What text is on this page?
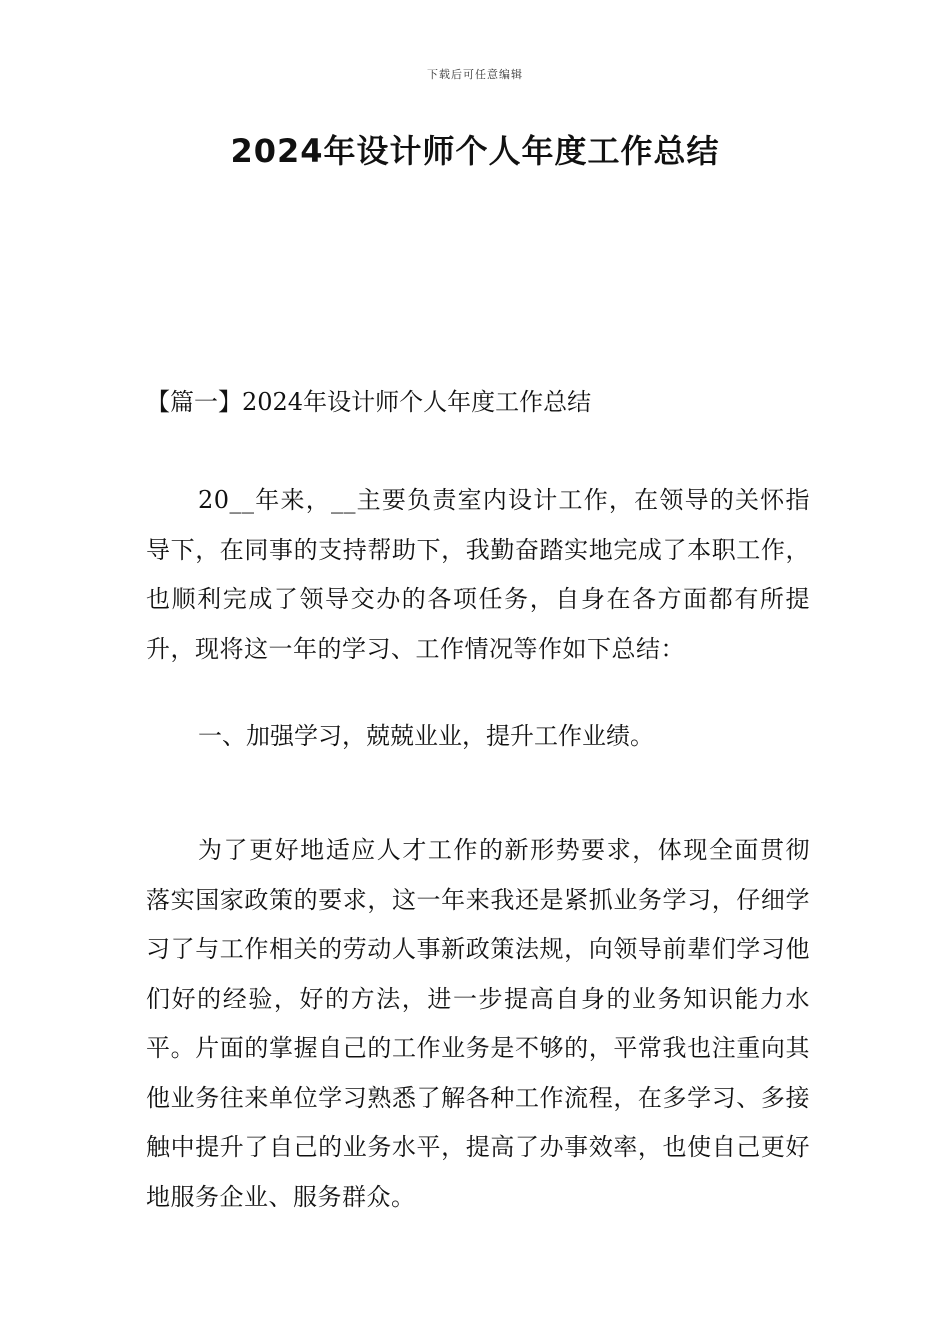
下载后可任意编辑
2024年设计师个人年度工作总结
【篇一】2024年设计师个人年度工作总结
20__年来，__主要负责室内设计工作，在领导的关怀指导下，在同事的支持帮助下，我勤奋踏实地完成了本职工作，也顺利完成了领导交办的各项任务，自身在各方面都有所提升，现将这一年的学习、工作情况等作如下总结：
一、加强学习，兢兢业业，提升工作业绩。
为了更好地适应人才工作的新形势要求，体现全面贯彻落实国家政策的要求，这一年来我还是紧抓业务学习，仔细学习了与工作相关的劳动人事新政策法规，向领导前辈们学习他们好的经验，好的方法，进一步提高自身的业务知识能力水平。片面的掌握自己的工作业务是不够的，平常我也注重向其他业务往来单位学习熟悉了解各种工作流程，在多学习、多接触中提升了自己的业务水平，提高了办事效率，也使自己更好地服务企业、服务群众。
